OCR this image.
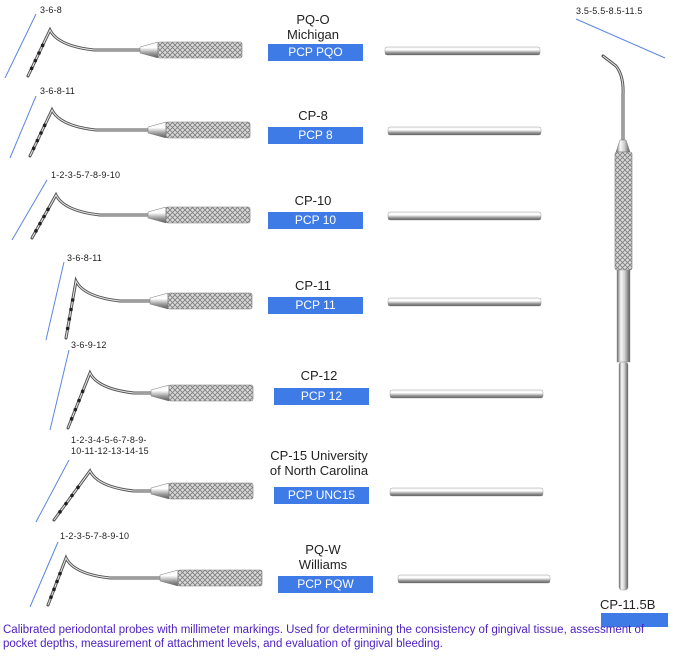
3-6-8
PQ-O
Michigan
PCP PQO
3-6-8-11
CP-8
PCP 8
1-2-3-5-7-8-9-10
CP-10
PCP 10
3-6-8-11
CP-11
PCP 11
3-6-9-12
CP-12
PCP 12
1-2-3-4-5-6-7-8-9-
10-11-12-13-14-15	CP-15 University
of North Carolina
PCP UNC15
1-2-3-5-7-8-9-10
PQ-W
Williams
PCP PQW
3.5-5.5-8.5-11.5
CP-11.5B
Calibrated periodontal probes with millimeter markings. Used for determining the consistency of gingival tissue, assessment of pocket depths, measurement of attachment levels, and evaluation of gingival bleeding.
